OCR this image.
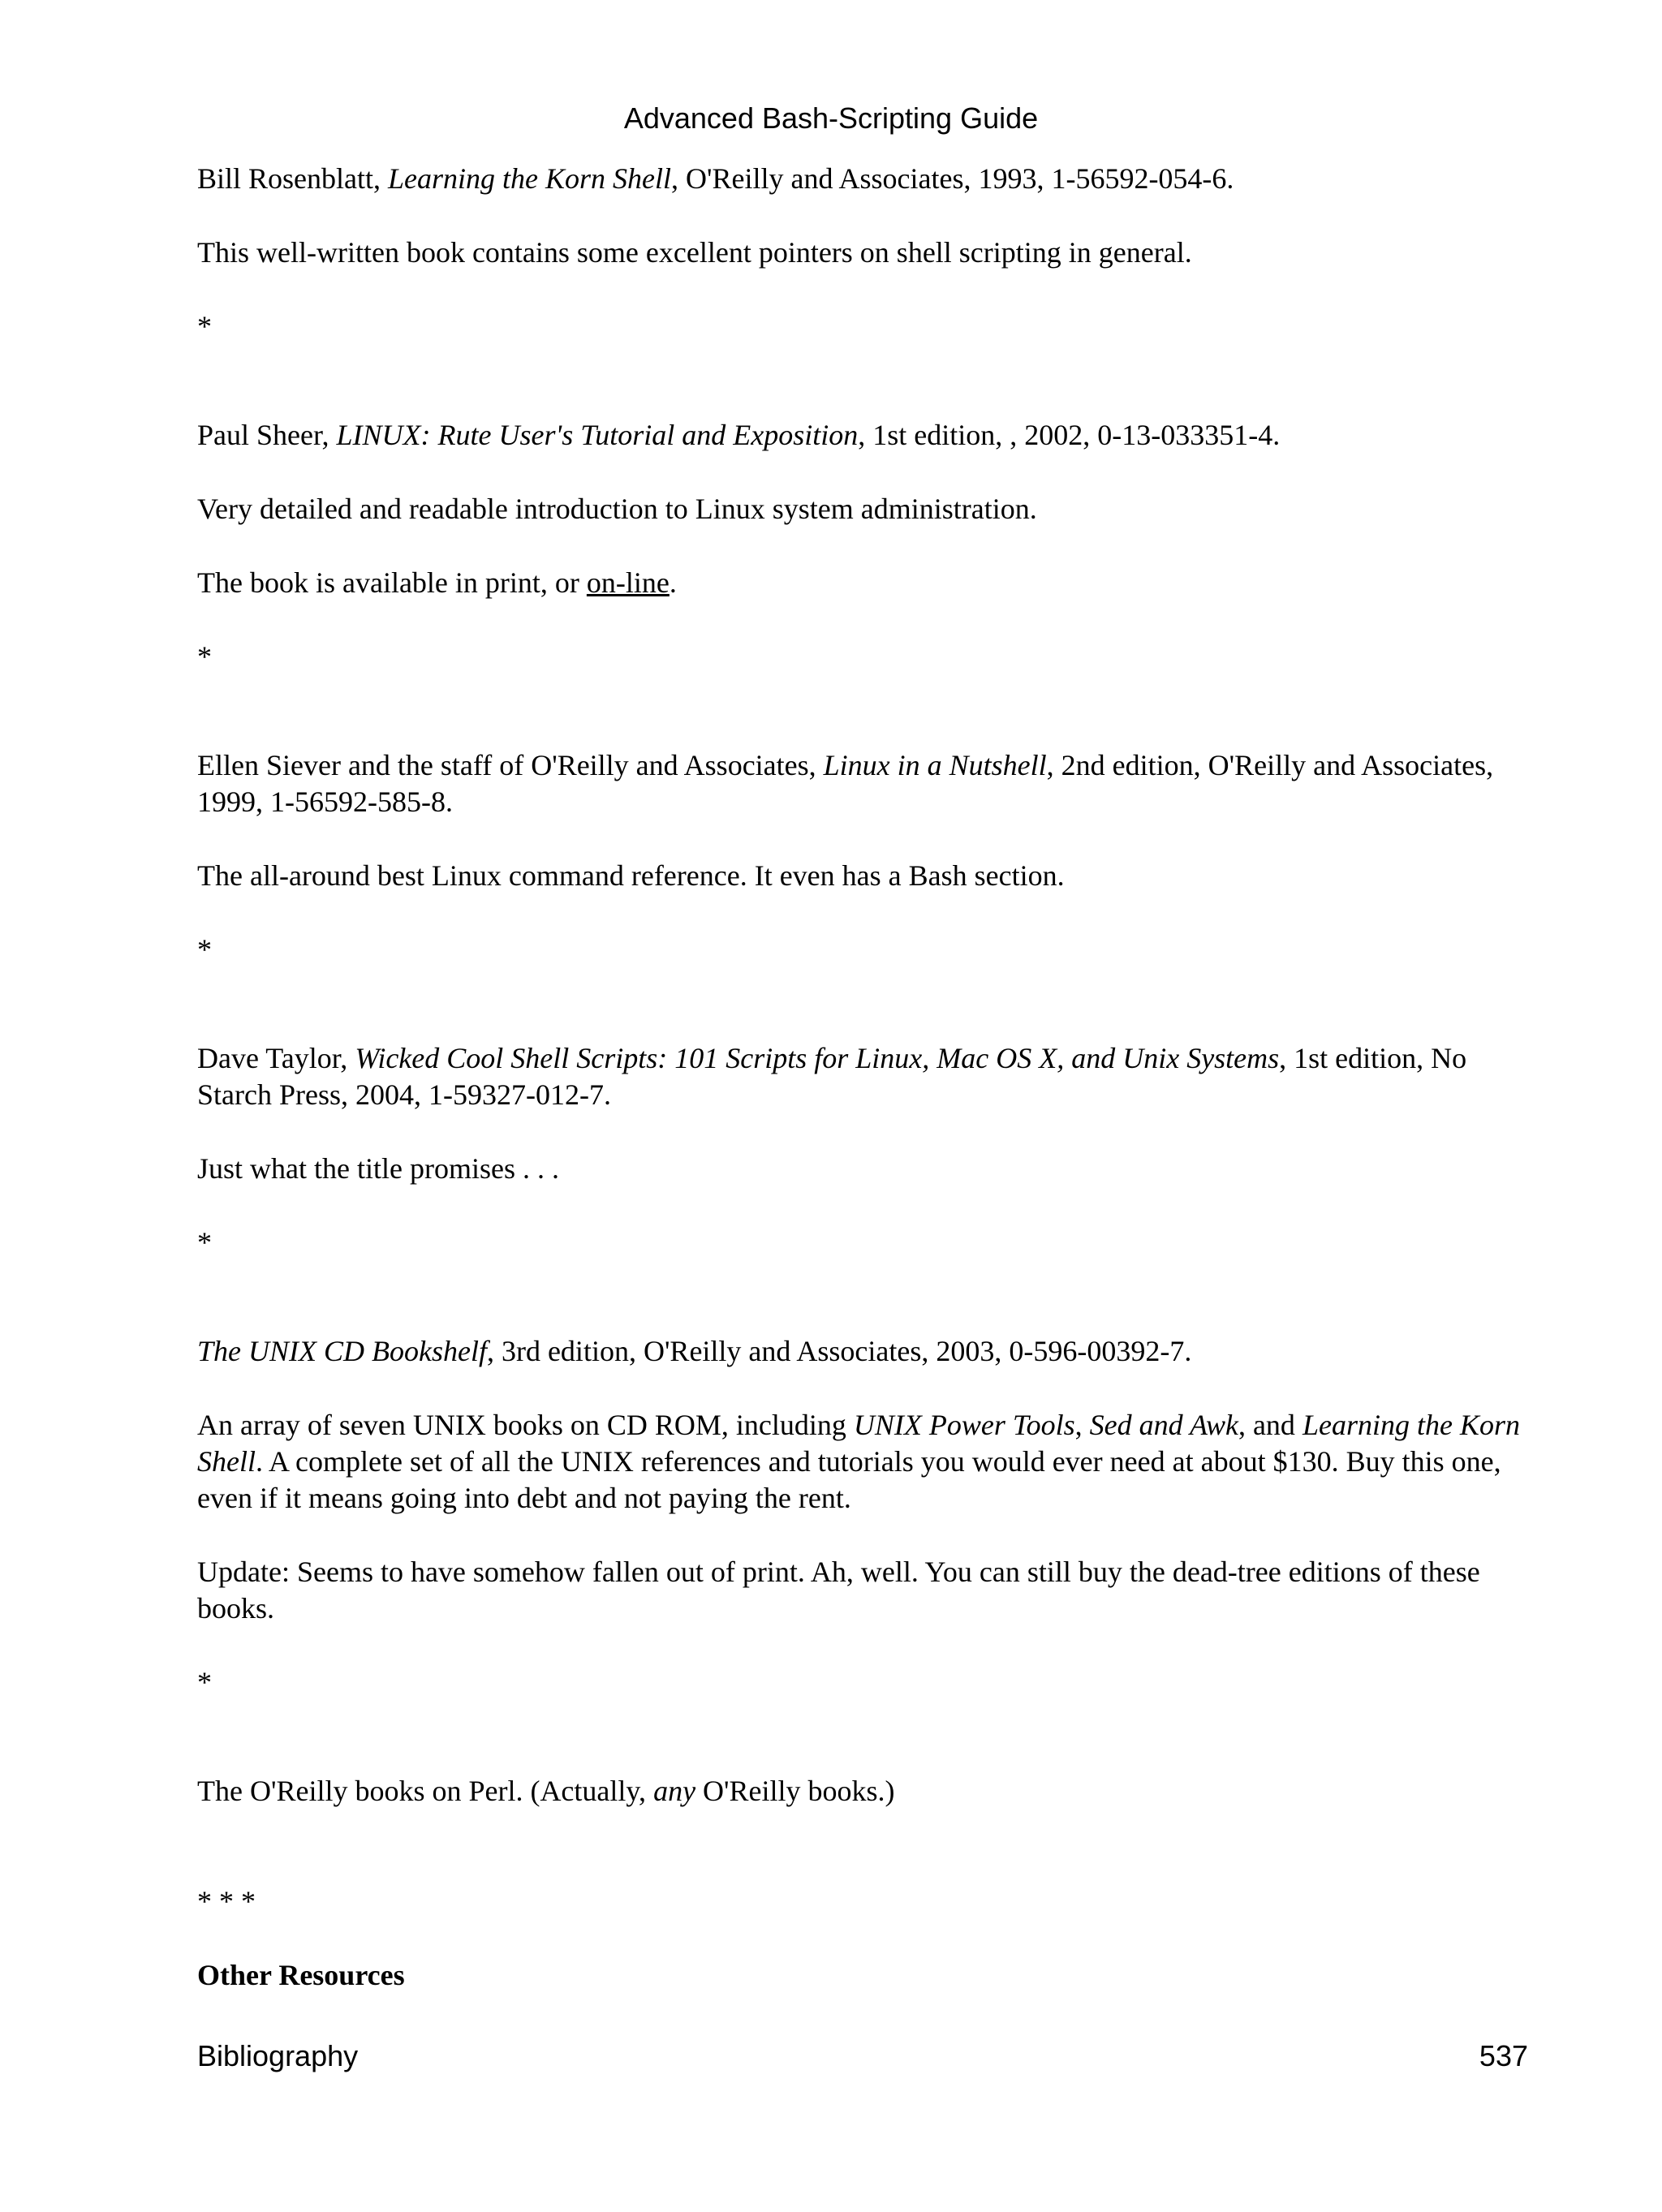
Advanced Bash-Scripting Guide

Bill Rosenblatt, Learning the Korn Shell, O'Reilly and Associates, 1993, 1-56592-054-6.

This well-written book contains some excellent pointers on shell scripting in general.

*

Paul Sheer, LINUX: Rute User's Tutorial and Exposition, 1st edition, , 2002, 0-13-033351-4.

Very detailed and readable introduction to Linux system administration.

The book is available in print, or on-line.

*

Ellen Siever and the staff of O'Reilly and Associates, Linux in a Nutshell, 2nd edition, O'Reilly and Associates, 1999, 1-56592-585-8.

The all-around best Linux command reference. It even has a Bash section.

*

Dave Taylor, Wicked Cool Shell Scripts: 101 Scripts for Linux, Mac OS X, and Unix Systems, 1st edition, No Starch Press, 2004, 1-59327-012-7.

Just what the title promises . . .

*

The UNIX CD Bookshelf, 3rd edition, O'Reilly and Associates, 2003, 0-596-00392-7.

An array of seven UNIX books on CD ROM, including UNIX Power Tools, Sed and Awk, and Learning the Korn Shell. A complete set of all the UNIX references and tutorials you would ever need at about $130. Buy this one, even if it means going into debt and not paying the rent.

Update: Seems to have somehow fallen out of print. Ah, well. You can still buy the dead-tree editions of these books.

*

The O'Reilly books on Perl. (Actually, any O'Reilly books.)

* * *

Other Resources

Bibliography	537
